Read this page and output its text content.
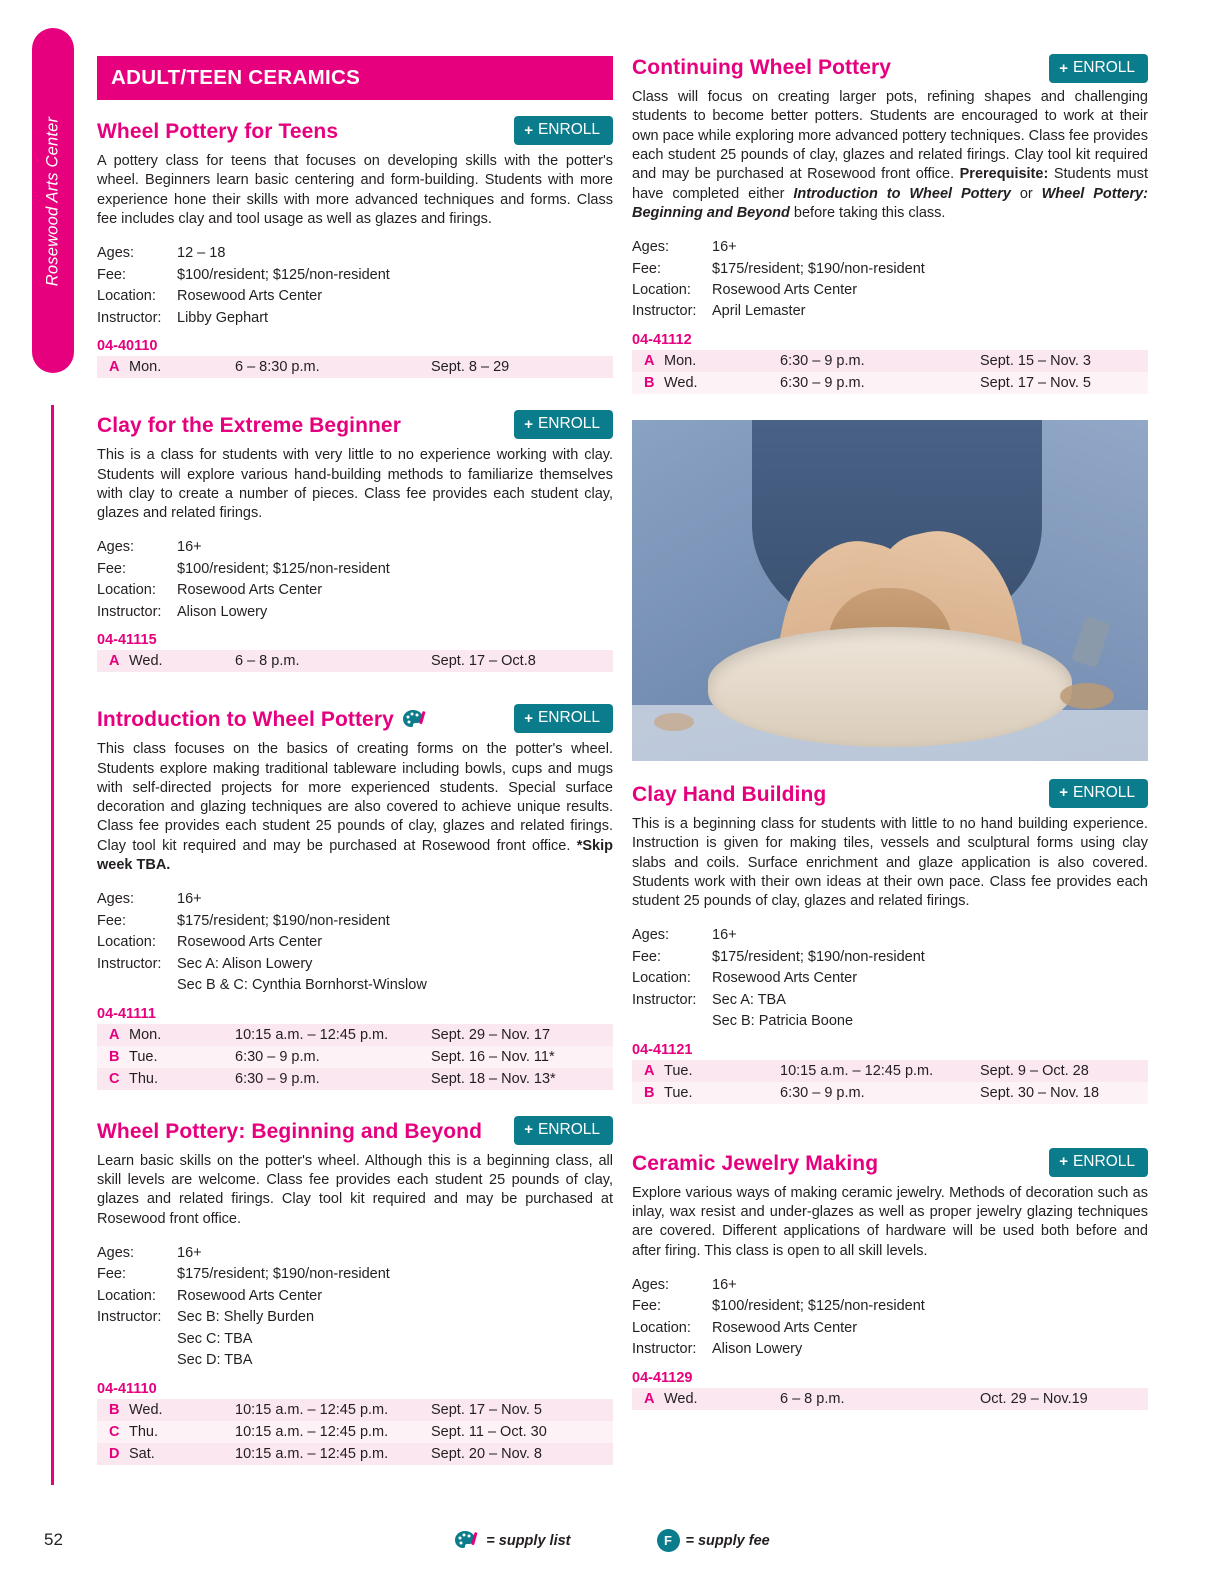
Rosewood Arts Center
ADULT/TEEN CERAMICS
+ ENROLL
Wheel Pottery for Teens

A pottery class for teens that focuses on developing skills with the potter's wheel. Beginners learn basic centering and form-building. Students with more experience hone their skills with more advanced techniques and forms. Class fee includes clay and tool usage as well as glazes and firings.

Ages:	12 – 18
Fee:	$100/resident; $125/non-resident
Location:	Rosewood Arts Center
Instructor:	Libby Gephart
04-40110
A	Mon.	6 – 8:30 p.m.	Sept. 8 – 29
+ ENROLL
Clay for the Extreme Beginner

This is a class for students with very little to no experience working with clay. Students will explore various hand-building methods to familiarize themselves with clay to create a number of pieces. Class fee provides each student clay, glazes and related firings.

Ages:	16+
Fee:	$100/resident; $125/non-resident
Location:	Rosewood Arts Center
Instructor:	Alison Lowery
04-41115
A	Wed.	6 – 8 p.m.	Sept. 17 – Oct.8
+ ENROLL
Introduction to Wheel Pottery

This class focuses on the basics of creating forms on the potter's wheel. Students explore making traditional tableware including bowls, cups and mugs with self-directed projects for more experienced students. Special surface decoration and glazing techniques are also covered to achieve unique results. Class fee provides each student 25 pounds of clay, glazes and related firings. Clay tool kit required and may be purchased at Rosewood front office. *Skip week TBA.

Ages:	16+
Fee:	$175/resident; $190/non-resident
Location:	Rosewood Arts Center
Instructor:	Sec A: Alison Lowery
Sec B & C: Cynthia Bornhorst-Winslow
04-41111
A	Mon.	10:15 a.m. – 12:45 p.m.	Sept. 29 – Nov. 17
B	Tue.	6:30 – 9 p.m.	Sept. 16 – Nov. 11*
C	Thu.	6:30 – 9 p.m.	Sept. 18 – Nov. 13*
+ ENROLL
Wheel Pottery: Beginning and Beyond

Learn basic skills on the potter's wheel. Although this is a beginning class, all skill levels are welcome. Class fee provides each student 25 pounds of clay, glazes and related firings. Clay tool kit required and may be purchased at Rosewood front office.

Ages:	16+
Fee:	$175/resident; $190/non-resident
Location:	Rosewood Arts Center
Instructor:	Sec B: Shelly Burden
Sec C: TBA
Sec D: TBA
04-41110
B	Wed.	10:15 a.m. – 12:45 p.m.	Sept. 17 – Nov. 5
C	Thu.	10:15 a.m. – 12:45 p.m.	Sept. 11 – Oct. 30
D	Sat.	10:15 a.m. – 12:45 p.m.	Sept. 20 – Nov. 8
+ ENROLL
Continuing Wheel Pottery

Class will focus on creating larger pots, refining shapes and challenging students to become better potters. Students are encouraged to work at their own pace while exploring more advanced pottery techniques. Class fee provides each student 25 pounds of clay, glazes and related firings. Clay tool kit required and may be purchased at Rosewood front office. Prerequisite: Students must have completed either Introduction to Wheel Pottery or Wheel Pottery: Beginning and Beyond before taking this class.

Ages:	16+
Fee:	$175/resident; $190/non-resident
Location:	Rosewood Arts Center
Instructor:	April Lemaster
04-41112
A	Mon.	6:30 – 9 p.m.	Sept. 15 – Nov. 3
B	Wed.	6:30 – 9 p.m.	Sept. 17 – Nov. 5
+ ENROLL
Clay Hand Building

This is a beginning class for students with little to no hand building experience. Instruction is given for making tiles, vessels and sculptural forms using clay slabs and coils. Surface enrichment and glaze application is also covered. Students work with their own ideas at their own pace. Class fee provides each student 25 pounds of clay, glazes and related firings.

Ages:	16+
Fee:	$175/resident; $190/non-resident
Location:	Rosewood Arts Center
Instructor:	Sec A: TBA
Sec B: Patricia Boone
04-41121
A	Tue.	10:15 a.m. – 12:45 p.m.	Sept. 9 – Oct. 28
B	Tue.	6:30 – 9 p.m.	Sept. 30 – Nov. 18
+ ENROLL
Ceramic Jewelry Making

Explore various ways of making ceramic jewelry. Methods of decoration such as inlay, wax resist and under-glazes as well as proper jewelry glazing techniques are covered. Different applications of hardware will be used both before and after firing. This class is open to all skill levels.

Ages:	16+
Fee:	$100/resident; $125/non-resident
Location:	Rosewood Arts Center
Instructor:	Alison Lowery
04-41129
A	Wed.	6 – 8 p.m.	Oct. 29 – Nov.19
52	= supply list	F = supply fee
